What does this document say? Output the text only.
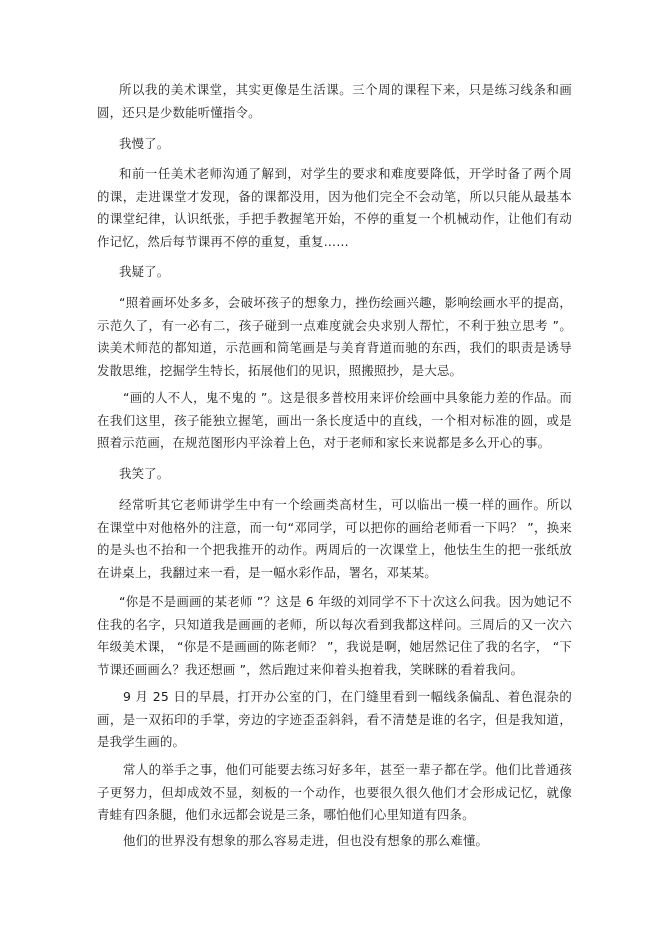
所以我的美术课堂，其实更像是生活课。三个周的课程下来，只是练习线条和画圆，还只是少数能听懂指令。

我慢了。

和前一任美术老师沟通了解到，对学生的要求和难度要降低，开学时备了两个周的课，走进课堂才发现，备的课都没用，因为他们完全不会动笔，所以只能从最基本的课堂纪律，认识纸张，手把手教握笔开始，不停的重复一个机械动作，让他们有动作记忆，然后每节课再不停的重复，重复……

我疑了。

“照着画坏处多多，会破坏孩子的想象力，挫伤绘画兴趣，影响绘画水平的提高，示范久了，有一必有二，孩子碰到一点难度就会央求别人帮忙，不利于独立思考 ”。读美术师范的都知道，示范画和简笔画是与美育背道而驰的东西，我们的职责是诱导发散思维，挖掘学生特长，拓展他们的见识，照搬照抄，是大忌。

“画的人不人，鬼不鬼的 ”。这是很多普校用来评价绘画中具象能力差的作品。而在我们这里，孩子能独立握笔，画出一条长度适中的直线，一个相对标准的圆，或是照着示范画，在规范图形内平涂着上色，对于老师和家长来说都是多么开心的事。

我笑了。

经常听其它老师讲学生中有一个绘画类高材生，可以临出一模一样的画作。所以在课堂中对他格外的注意，而一句“邓同学，可以把你的画给老师看一下吗？ ”，换来的是头也不抬和一个把我推开的动作。两周后的一次课堂上，他怯生生的把一张纸放在讲桌上，我翻过来一看，是一幅水彩作品，署名，邓某某。

“你是不是画画的某老师 ”？这是 6 年级的刘同学不下十次这么问我。因为她记不住我的名字，只知道我是画画的老师，所以每次看到我都这样问。三周后的又一次六年级美术课， “你是不是画画的陈老师？ ”，我说是啊，她居然记住了我的名字， “下节课还画画么？我还想画 ”，然后跑过来仰着头抱着我，笑眯眯的看着我问。

9 月 25 日的早晨，打开办公室的门，在门缝里看到一幅线条偏乱、着色混杂的画，是一双拓印的手掌，旁边的字迹歪歪斜斜，看不清楚是谁的名字，但是我知道，是我学生画的。

常人的举手之事，他们可能要去练习好多年，甚至一辈子都在学。他们比普通孩子更努力，但却成效不显，刻板的一个动作，也要很久很久他们才会形成记忆，就像青蛙有四条腿，他们永远都会说是三条，哪怕他们心里知道有四条。

他们的世界没有想象的那么容易走进，但也没有想象的那么难懂。
